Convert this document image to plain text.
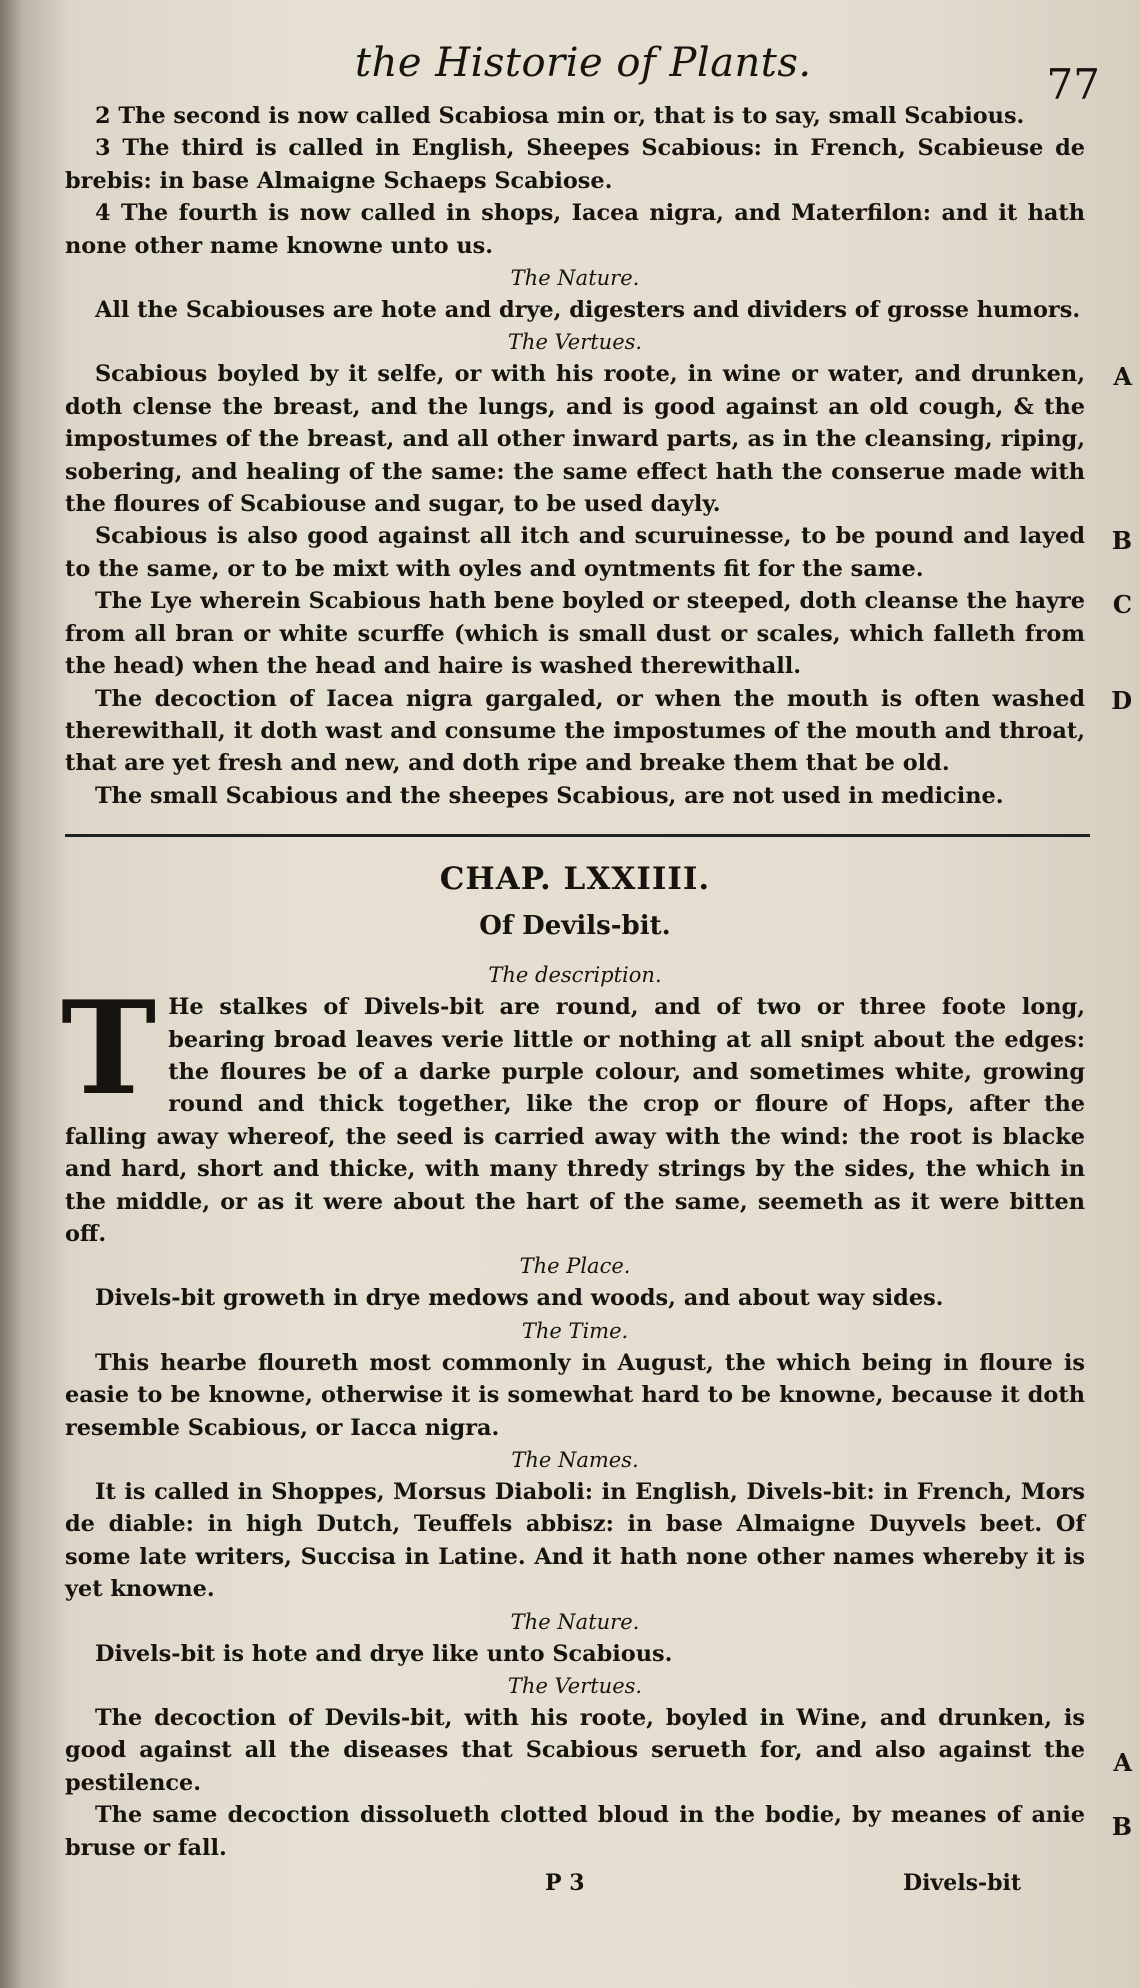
the Historie of Plants.	77

2 The second is now called Scabiosa min or, that is to say, small Scabious.

3 The third is called in English, Sheepes Scabious: in French, Scabieuse de brebis: in base Almaigne Schaeps Scabiose.

4 The fourth is now called in shops, Iacea nigra, and Materfilon: and it hath none other name knowne unto us.

The Nature.

All the Scabiouses are hote and drye, digesters and dividers of grosse humors.

The Vertues.

Scabious boyled by it selfe, or with his roote, in wine or water, and drunken, doth clense the breast, and the lungs, and is good against an old cough, & the impostumes of the breast, and all other inward parts, as in the cleansing, riping, sobering, and healing of the same: the same effect hath the conserue made with the floures of Scabiouse and sugar, to be used dayly.

Scabious is also good against all itch and scuruinesse, to be pound and layed to the same, or to be mixt with oyles and oyntments fit for the same.

The Lye wherein Scabious hath bene boyled or steeped, doth cleanse the hayre from all bran or white scurffe (which is small dust or scales, which falleth from the head) when the head and haire is washed therewithall.

The decoction of Iacea nigra gargaled, or when the mouth is often washed therewithall, it doth wast and consume the impostumes of the mouth and throat, that are yet fresh and new, and doth ripe and breake them that be old.

The small Scabious and the sheepes Scabious, are not used in medicine.

CHAP. LXXIIII.

Of Devils-bit.

The description.

T He stalkes of Divels-bit are round, and of two or three foote long, bearing broad leaves verie little or nothing at all snipt about the edges: the floures be of a darke purple colour, and sometimes white, growing round and thick together, like the crop or floure of Hops, after the falling away whereof, the seed is carried away with the wind: the root is blacke and hard, short and thicke, with many thredy strings by the sides, the which in the middle, or as it were about the hart of the same, seemeth as it were bitten off.

The Place.

Divels-bit groweth in drye medows and woods, and about way sides.

The Time.

This hearbe floureth most commonly in August, the which being in floure is easie to be knowne, otherwise it is somewhat hard to be knowne, because it doth resemble Scabious, or Iacca nigra.

The Names.

It is called in Shoppes, Morsus Diaboli: in English, Divels-bit: in French, Mors de diable: in high Dutch, Teuffels abbisz: in base Almaigne Duyvels beet. Of some late writers, Succisa in Latine. And it hath none other names whereby it is yet knowne.

The Nature.

Divels-bit is hote and drye like unto Scabious.

The Vertues.

The decoction of Devils-bit, with his roote, boyled in Wine, and drunken, is good against all the diseases that Scabious serueth for, and also against the pestilence.

The same decoction dissolueth clotted bloud in the bodie, by meanes of anie bruse or fall.

A
B
C
D
A
B
P 3	Divels-bit
